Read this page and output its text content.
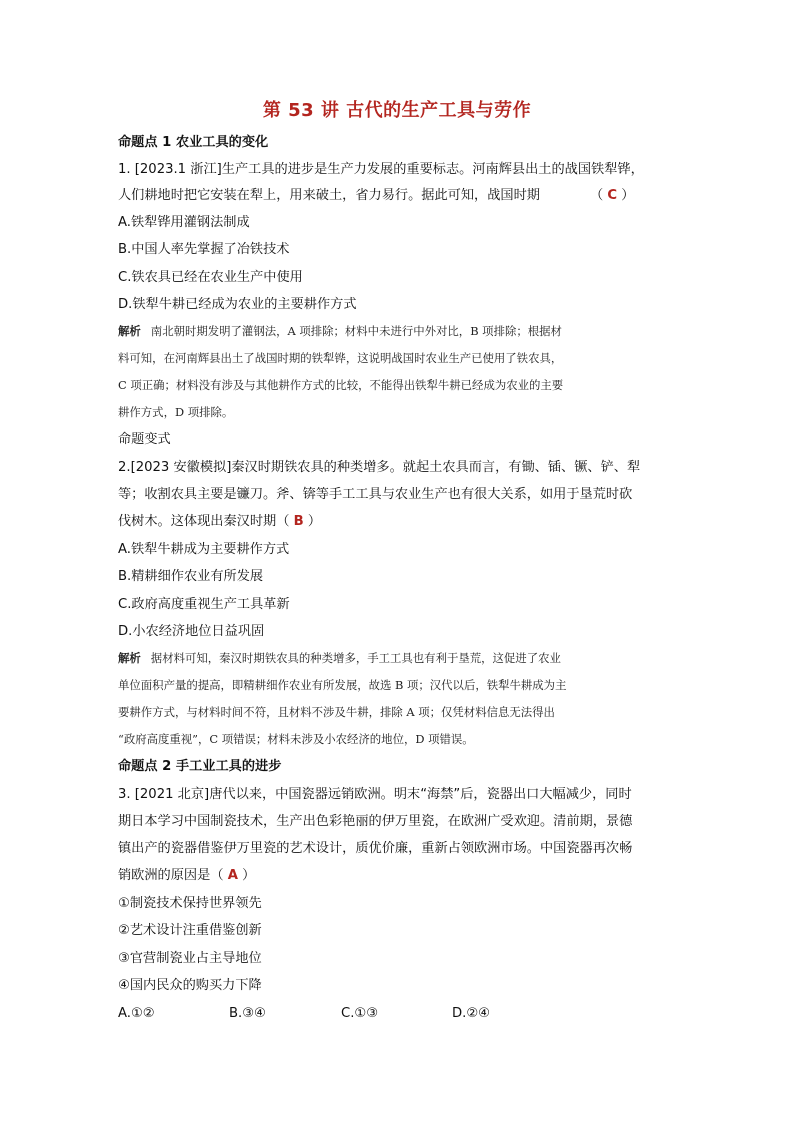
第 53 讲 古代的生产工具与劳作
命题点 1 农业工具的变化
1. [2023.1 浙江]生产工具的进步是生产力发展的重要标志。河南辉县出土的战国铁犁铧，
人们耕地时把它安装在犁上，用来破土，省力易行。据此可知，战国时期	（ C ）
A.铁犁铧用灌钢法制成
B.中国人率先掌握了冶铁技术
C.铁农具已经在农业生产中使用
D.铁犁牛耕已经成为农业的主要耕作方式
解析 南北朝时期发明了灌钢法，A 项排除；材料中未进行中外对比，B 项排除；根据材
料可知，在河南辉县出土了战国时期的铁犁铧，这说明战国时农业生产已使用了铁农具，
C 项正确；材料没有涉及与其他耕作方式的比较，不能得出铁犁牛耕已经成为农业的主要
耕作方式，D 项排除。
命题变式
2.[2023 安徽模拟]秦汉时期铁农具的种类增多。就起土农具而言，有锄、锸、镢、铲、犁
等；收割农具主要是镰刀。斧、锛等手工工具与农业生产也有很大关系，如用于垦荒时砍
伐树木。这体现出秦汉时期（ B ）
A.铁犁牛耕成为主要耕作方式
B.精耕细作农业有所发展
C.政府高度重视生产工具革新
D.小农经济地位日益巩固
解析 据材料可知，秦汉时期铁农具的种类增多，手工工具也有利于垦荒，这促进了农业
单位面积产量的提高，即精耕细作农业有所发展，故选 B 项；汉代以后，铁犁牛耕成为主
要耕作方式，与材料时间不符，且材料不涉及牛耕，排除 A 项；仅凭材料信息无法得出
“政府高度重视”，C 项错误；材料未涉及小农经济的地位，D 项错误。
命题点 2 手工业工具的进步
3. [2021 北京]唐代以来，中国瓷器远销欧洲。明末“海禁”后，瓷器出口大幅减少，同时
期日本学习中国制瓷技术，生产出色彩艳丽的伊万里瓷，在欧洲广受欢迎。清前期，景德
镇出产的瓷器借鉴伊万里瓷的艺术设计，质优价廉，重新占领欧洲市场。中国瓷器再次畅
销欧洲的原因是（ A ）
①制瓷技术保持世界领先
②艺术设计注重借鉴创新
③官营制瓷业占主导地位
④国内民众的购买力下降
A.①②	B.③④	C.①③	D.②④
